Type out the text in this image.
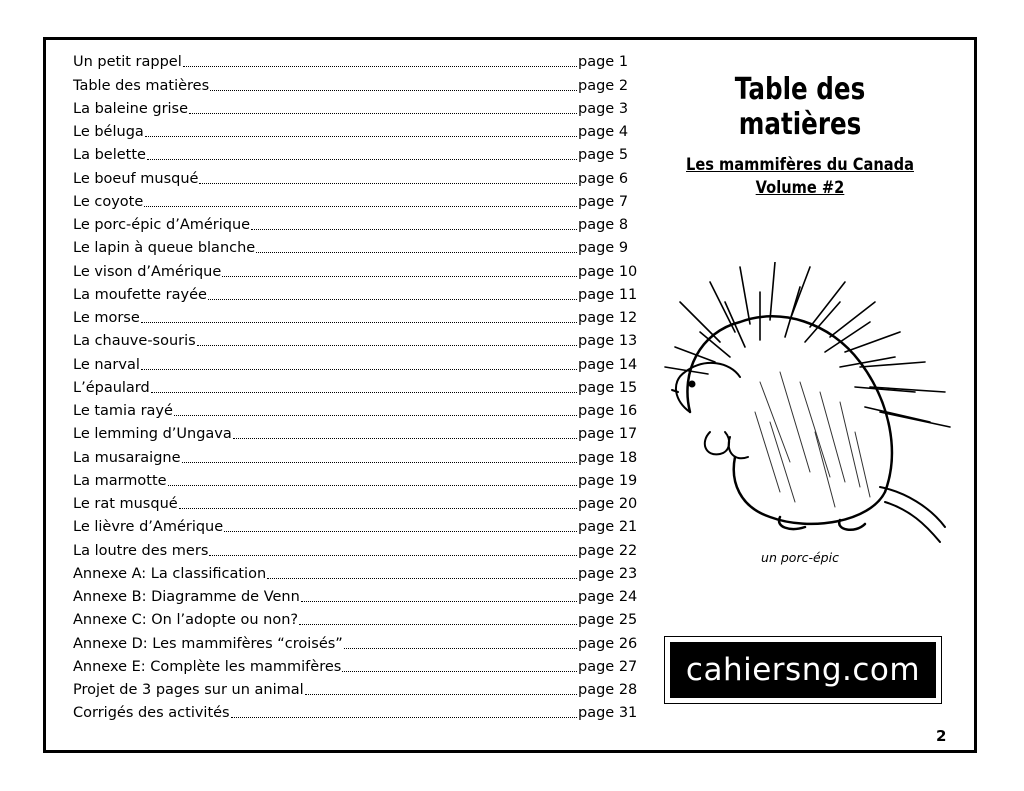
Un petit rappel	page 1
Table des matières	page 2
La baleine grise	page 3
Le béluga	page 4
La belette	page 5
Le boeuf musqué	page 6
Le coyote	page 7
Le porc-épic d’Amérique	page 8
Le lapin à queue blanche	page 9
Le vison d’Amérique	page 10
La moufette rayée	page 11
Le morse	page 12
La chauve-souris	page 13
Le narval	page 14
L’épaulard	page 15
Le tamia rayé	page 16
Le lemming d’Ungava	page 17
La musaraigne	page 18
La marmotte	page 19
Le rat musqué	page 20
Le lièvre d’Amérique	page 21
La loutre des mers	page 22
Annexe A: La classification	page 23
Annexe B: Diagramme de Venn	page 24
Annexe C: On l’adopte ou non?	page 25
Annexe D: Les mammifères “croisés”	page 26
Annexe E: Complète les mammifères	page 27
Projet de 3 pages sur un animal	page 28
Corrigés des activités	page 31
Table des matières
Les mammifères du Canada
Volume #2
un porc-épic
cahiersng.com
2
